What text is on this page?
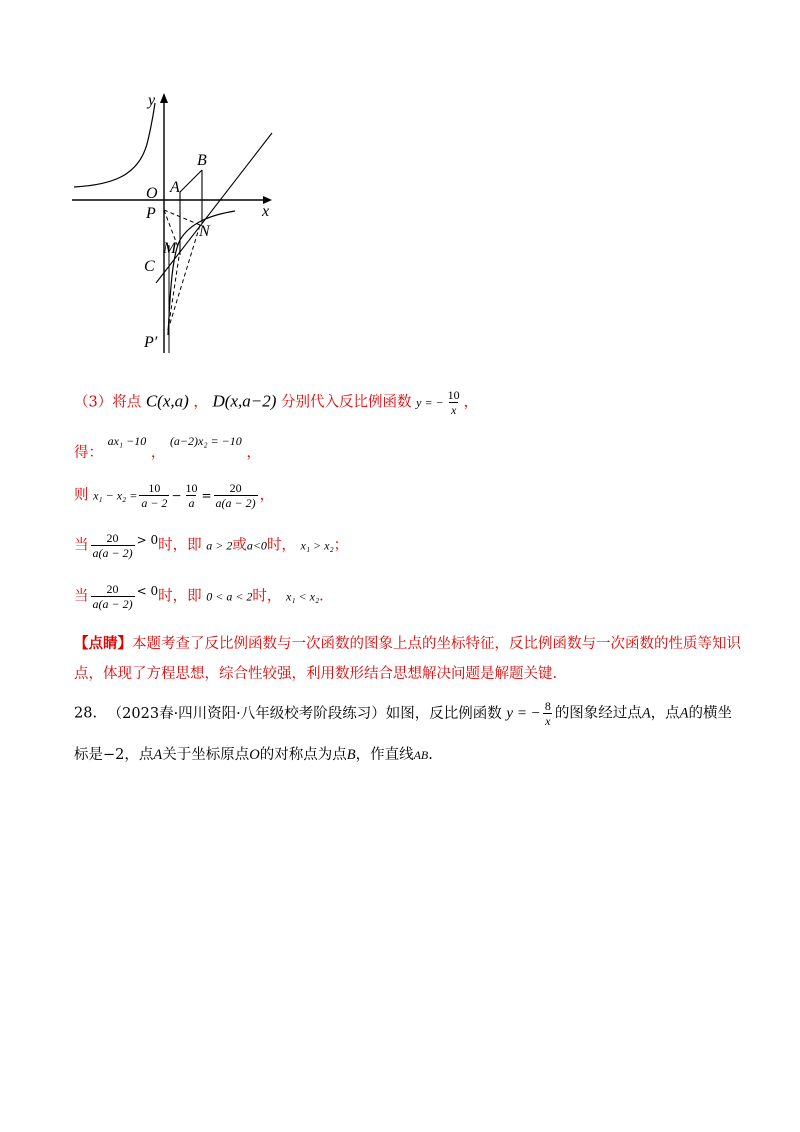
y
x
O A
B
P
N
M
C
P′
（3）将点 C(x,a) ， D(x,a−2) 分别代入反比例函数 y = − $\frac{10}{x}$ ，
得： $^{ax_1 -10}$ ， $^{(a-2)x_2 = -10}$ ，
则 $x_1 - x_2 = \frac{10}{a - 2} - \frac{10}{a} = \frac{20}{a(a - 2)}$ ，
当 $\frac{20}{a(a - 2)} ^{> 0}$时，即 a > 2或a<0时， x₁ > x₂；
当 $\frac{20}{a(a - 2)} ^{< 0}$时，即 0 < a < 2时， x₁ < x₂.
【点睛】本题考查了反比例函数与一次函数的图象上点的坐标特征，反比例函数与一次函数的性质等知识
点，体现了方程思想，综合性较强，利用数形结合思想解决问题是解题关键.
28. （2023春·四川资阳·八年级校考阶段练习）如图，反比例函数 y = − $\frac{8}{x}$ 的图象经过点A，点A的横坐
标是−2，点A关于坐标原点O的对称点为点B，作直线AB.
